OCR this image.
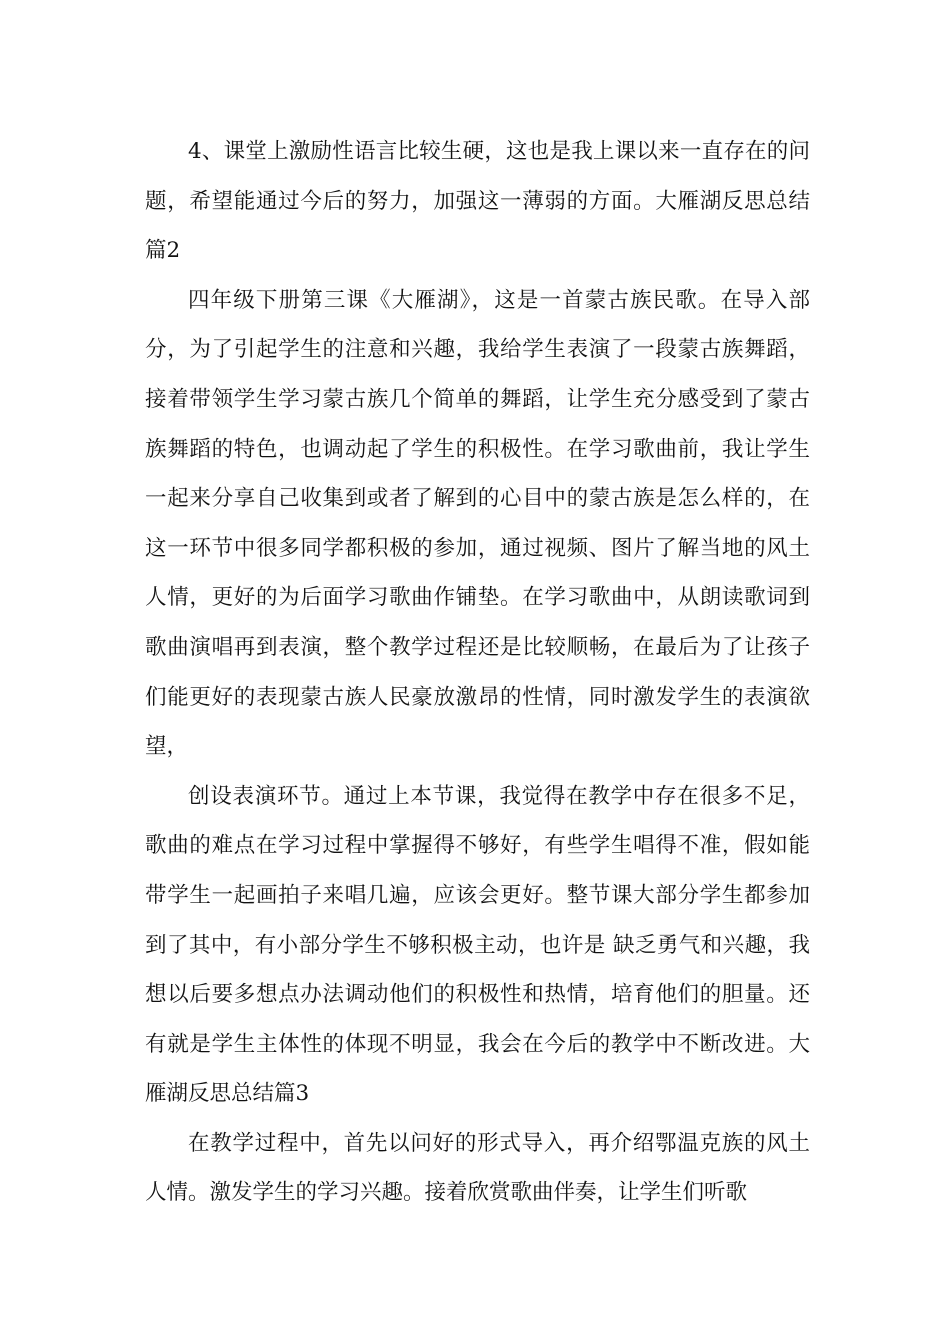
4、课堂上激励性语言比较生硬，这也是我上课以来一直存在的问题，希望能通过今后的努力，加强这一薄弱的方面。大雁湖反思总结篇2

四年级下册第三课《大雁湖》，这是一首蒙古族民歌。在导入部分，为了引起学生的注意和兴趣，我给学生表演了一段蒙古族舞蹈，接着带领学生学习蒙古族几个简单的舞蹈，让学生充分感受到了蒙古族舞蹈的特色，也调动起了学生的积极性。在学习歌曲前，我让学生一起来分享自己收集到或者了解到的心目中的蒙古族是怎么样的，在这一环节中很多同学都积极的参加，通过视频、图片了解当地的风土人情，更好的为后面学习歌曲作铺垫。在学习歌曲中，从朗读歌词到歌曲演唱再到表演，整个教学过程还是比较顺畅，在最后为了让孩子们能更好的表现蒙古族人民豪放激昂的性情，同时激发学生的表演欲望，

创设表演环节。通过上本节课，我觉得在教学中存在很多不足，歌曲的难点在学习过程中掌握得不够好，有些学生唱得不准，假如能带学生一起画拍子来唱几遍，应该会更好。整节课大部分学生都参加到了其中，有小部分学生不够积极主动，也许是 缺乏勇气和兴趣，我想以后要多想点办法调动他们的积极性和热情，培育他们的胆量。还有就是学生主体性的体现不明显，我会在今后的教学中不断改进。大雁湖反思总结篇3

在教学过程中，首先以问好的形式导入，再介绍鄂温克族的风土人情。激发学生的学习兴趣。接着欣赏歌曲伴奏，让学生们听歌
